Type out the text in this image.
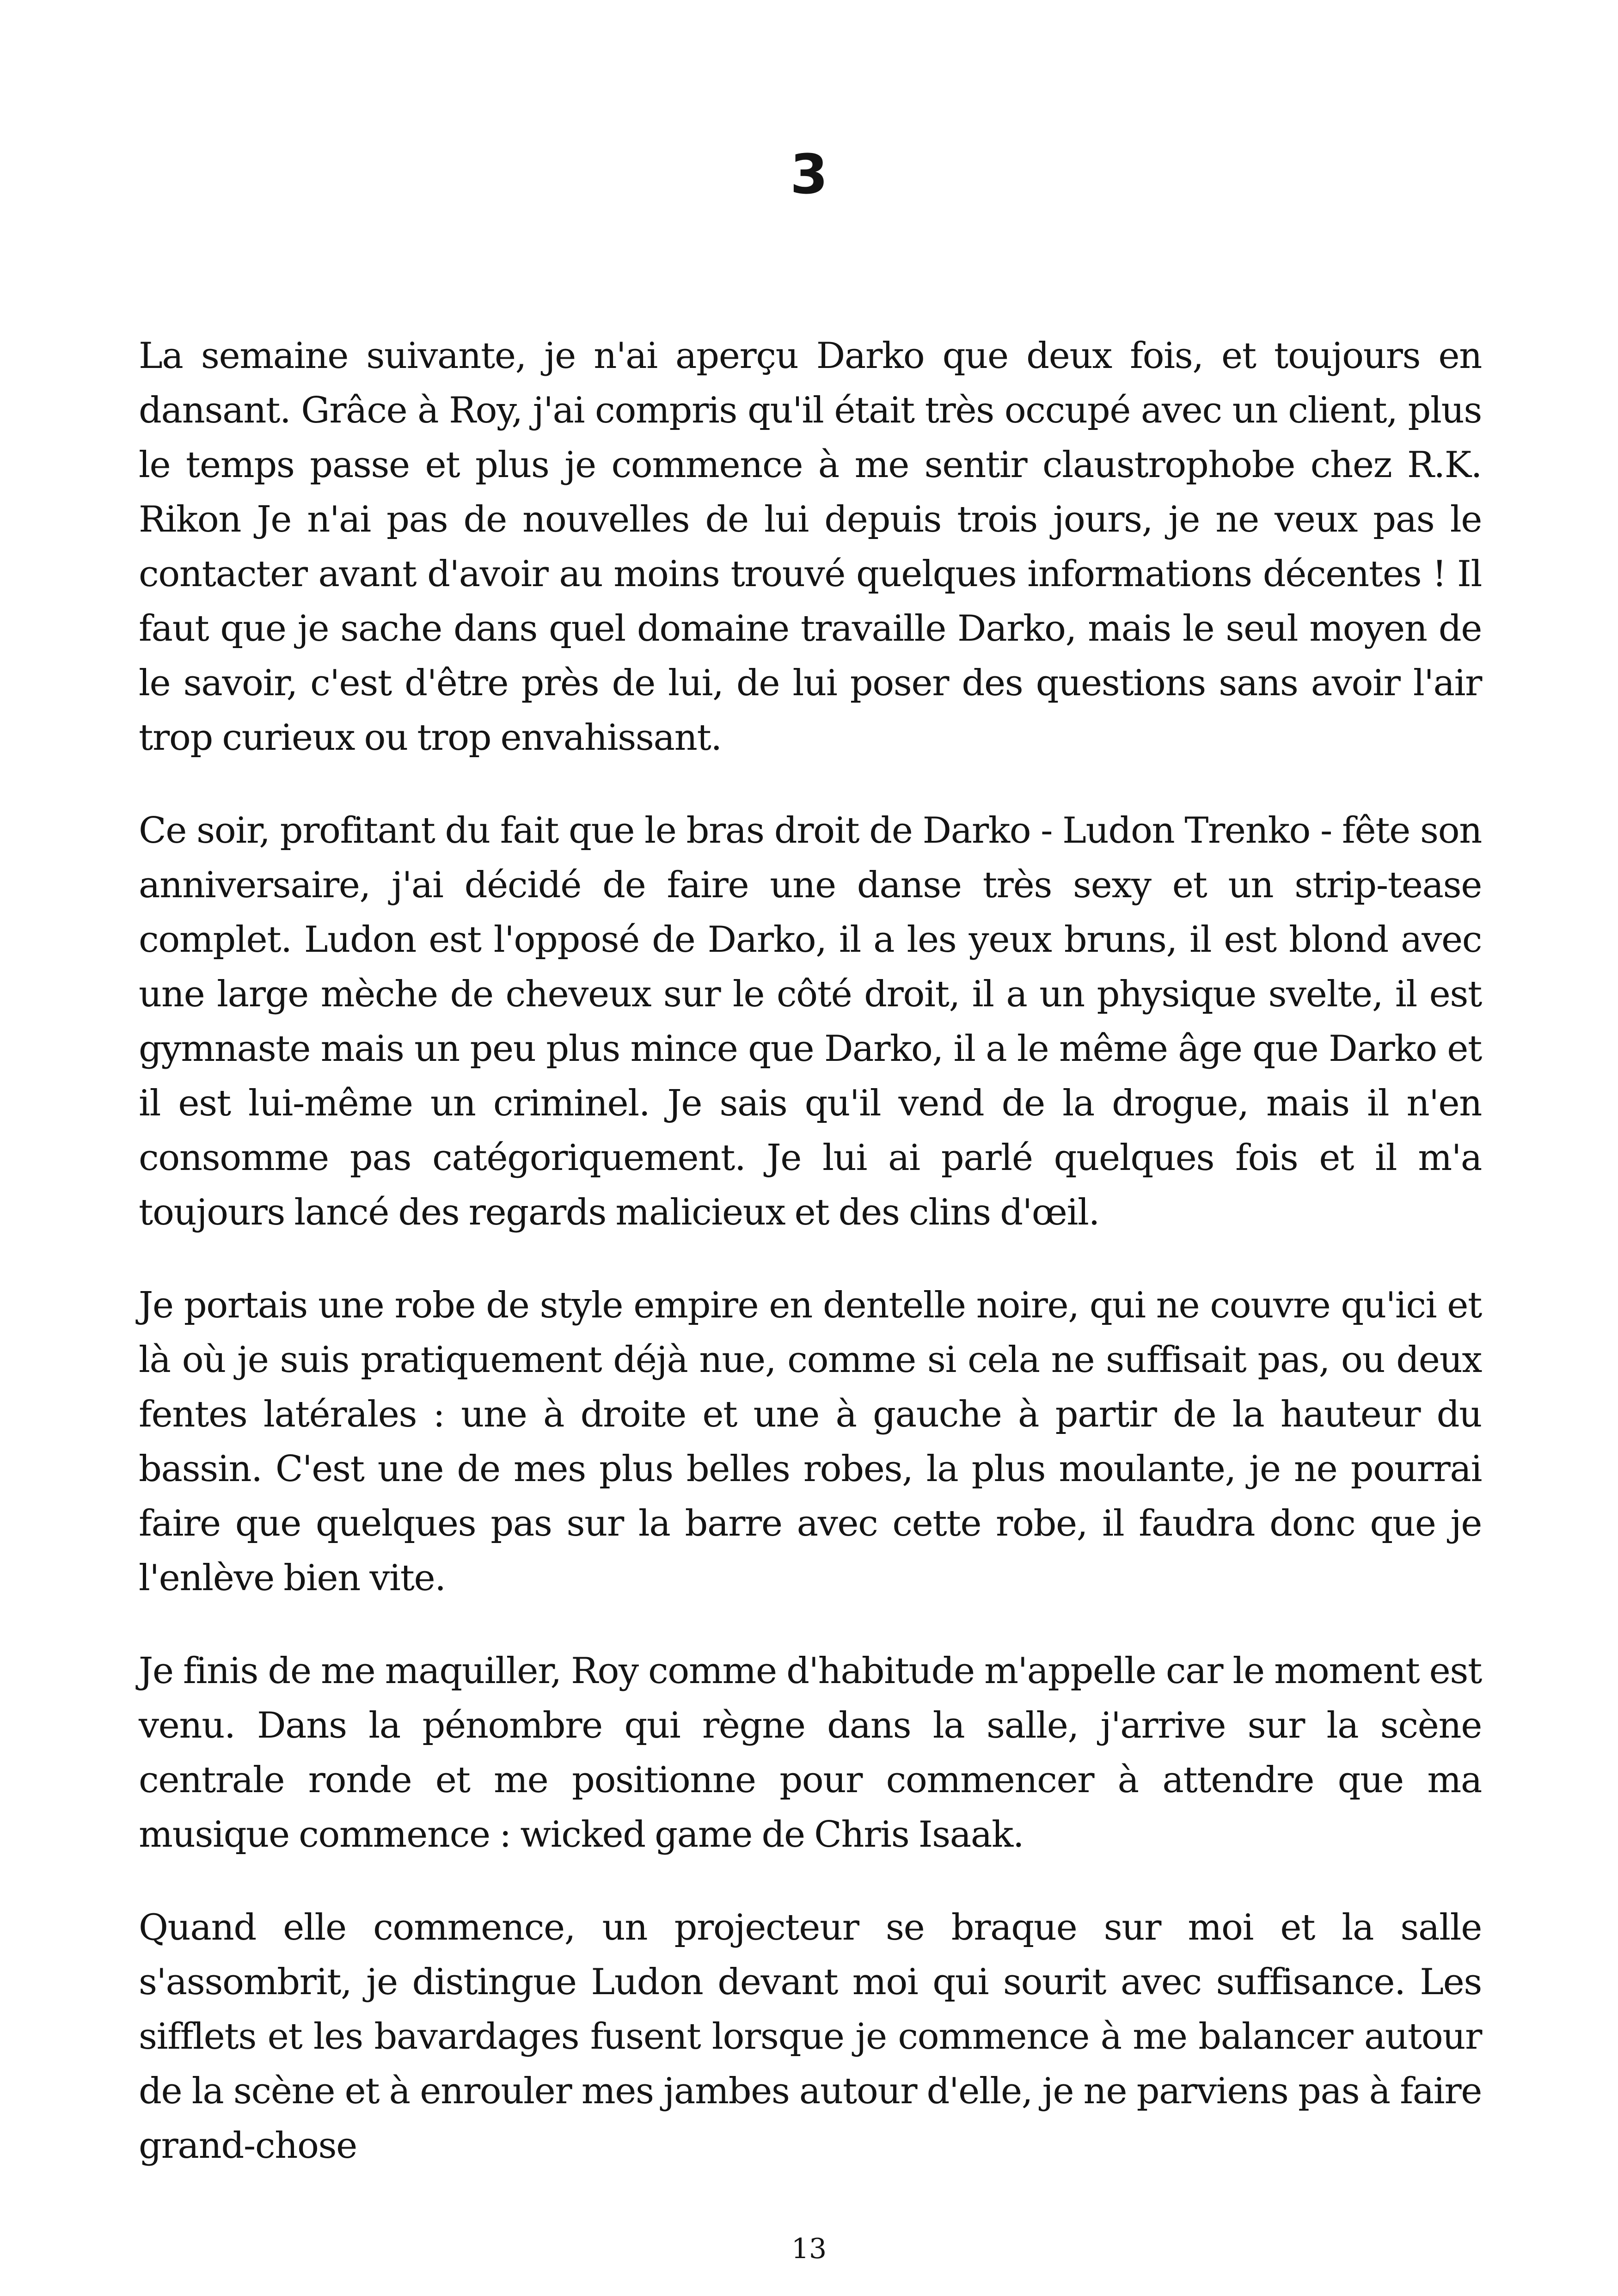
3

La semaine suivante, je n'ai aperçu Darko que deux fois, et toujours en dansant. Grâce à Roy, j'ai compris qu'il était très occupé avec un client, plus le temps passe et plus je commence à me sentir claustrophobe chez R.K. Rikon Je n'ai pas de nouvelles de lui depuis trois jours, je ne veux pas le contacter avant d'avoir au moins trouvé quelques informations décentes ! Il faut que je sache dans quel domaine travaille Darko, mais le seul moyen de le savoir, c'est d'être près de lui, de lui poser des questions sans avoir l'air trop curieux ou trop envahissant.

Ce soir, profitant du fait que le bras droit de Darko - Ludon Trenko - fête son anniversaire, j'ai décidé de faire une danse très sexy et un strip-tease complet. Ludon est l'opposé de Darko, il a les yeux bruns, il est blond avec une large mèche de cheveux sur le côté droit, il a un physique svelte, il est gymnaste mais un peu plus mince que Darko, il a le même âge que Darko et il est lui-même un criminel. Je sais qu'il vend de la drogue, mais il n'en consomme pas catégoriquement. Je lui ai parlé quelques fois et il m'a toujours lancé des regards malicieux et des clins d'œil.

Je portais une robe de style empire en dentelle noire, qui ne couvre qu'ici et là où je suis pratiquement déjà nue, comme si cela ne suffisait pas, ou deux fentes latérales : une à droite et une à gauche à partir de la hauteur du bassin. C'est une de mes plus belles robes, la plus moulante, je ne pourrai faire que quelques pas sur la barre avec cette robe, il faudra donc que je l'enlève bien vite.

Je finis de me maquiller, Roy comme d'habitude m'appelle car le moment est venu. Dans la pénombre qui règne dans la salle, j'arrive sur la scène centrale ronde et me positionne pour commencer à attendre que ma musique commence : wicked game de Chris Isaak.

Quand elle commence, un projecteur se braque sur moi et la salle s'assombrit, je distingue Ludon devant moi qui sourit avec suffisance. Les sifflets et les bavardages fusent lorsque je commence à me balancer autour de la scène et à enrouler mes jambes autour d'elle, je ne parviens pas à faire grand-chose

13
